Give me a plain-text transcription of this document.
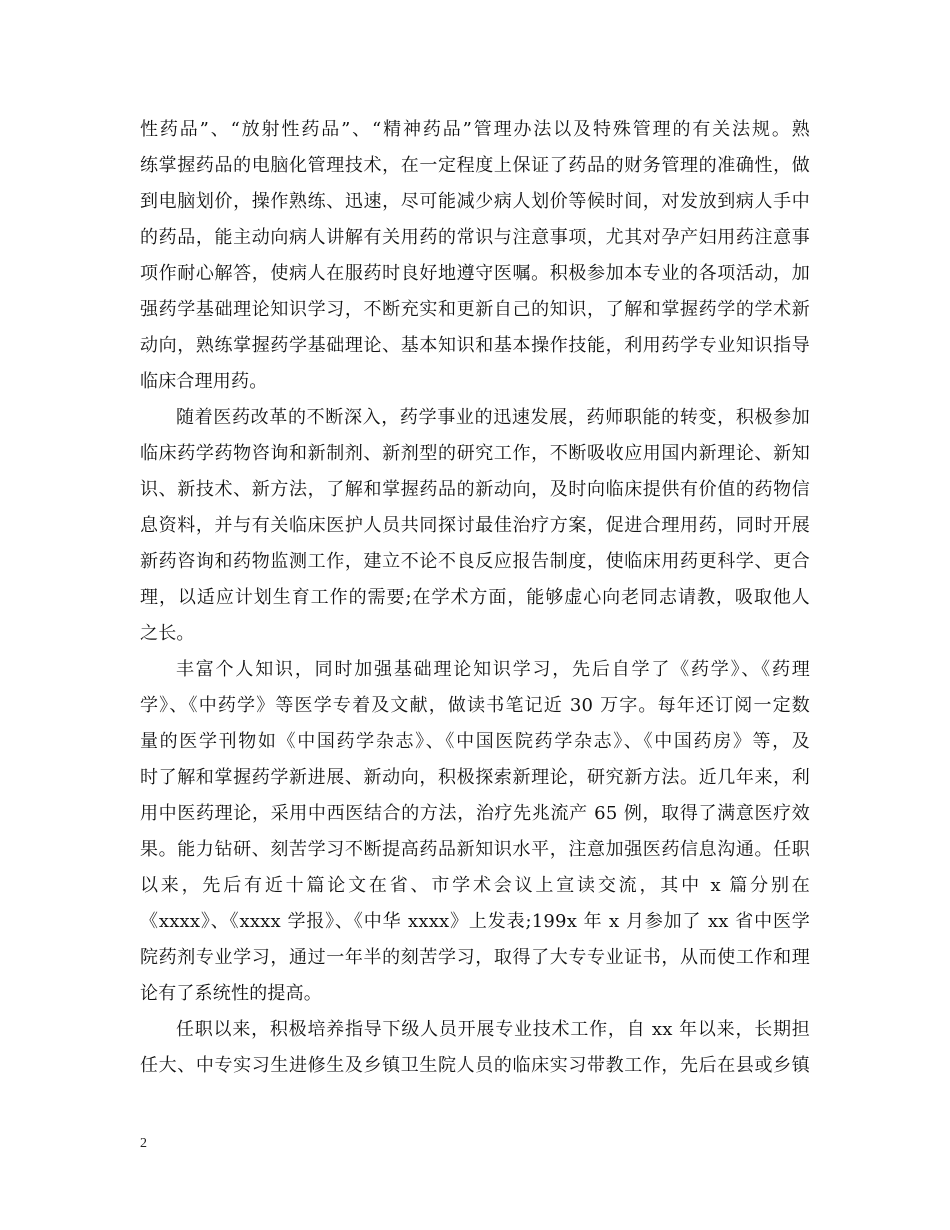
性药品”、“放射性药品”、“精神药品”管理办法以及特殊管理的有关法规。熟
练掌握药品的电脑化管理技术，在一定程度上保证了药品的财务管理的准确性，做
到电脑划价，操作熟练、迅速，尽可能减少病人划价等候时间，对发放到病人手中
的药品，能主动向病人讲解有关用药的常识与注意事项，尤其对孕产妇用药注意事
项作耐心解答，使病人在服药时良好地遵守医嘱。积极参加本专业的各项活动，加
强药学基础理论知识学习，不断充实和更新自己的知识，了解和掌握药学的学术新
动向，熟练掌握药学基础理论、基本知识和基本操作技能，利用药学专业知识指导
临床合理用药。
随着医药改革的不断深入，药学事业的迅速发展，药师职能的转变，积极参加
临床药学药物咨询和新制剂、新剂型的研究工作，不断吸收应用国内新理论、新知
识、新技术、新方法，了解和掌握药品的新动向，及时向临床提供有价值的药物信
息资料，并与有关临床医护人员共同探讨最佳治疗方案，促进合理用药，同时开展
新药咨询和药物监测工作，建立不论不良反应报告制度，使临床用药更科学、更合
理，以适应计划生育工作的需要;在学术方面，能够虚心向老同志请教，吸取他人
之长。
丰富个人知识，同时加强基础理论知识学习，先后自学了《药学》、《药理
学》、《中药学》等医学专着及文献，做读书笔记近 30 万字。每年还订阅一定数
量的医学刊物如《中国药学杂志》、《中国医院药学杂志》、《中国药房》等，及
时了解和掌握药学新进展、新动向，积极探索新理论，研究新方法。近几年来，利
用中医药理论，采用中西医结合的方法，治疗先兆流产 65 例，取得了满意医疗效
果。能力钻研、刻苦学习不断提高药品新知识水平，注意加强医药信息沟通。任职
以来，先后有近十篇论文在省、市学术会议上宣读交流，其中 x 篇分别在
《xxxx》、《xxxx 学报》、《中华 xxxx》上发表;199x 年 x 月参加了 xx 省中医学
院药剂专业学习，通过一年半的刻苦学习，取得了大专专业证书，从而使工作和理
论有了系统性的提高。
任职以来，积极培养指导下级人员开展专业技术工作，自 xx 年以来，长期担
任大、中专实习生进修生及乡镇卫生院人员的临床实习带教工作，先后在县或乡镇
2
